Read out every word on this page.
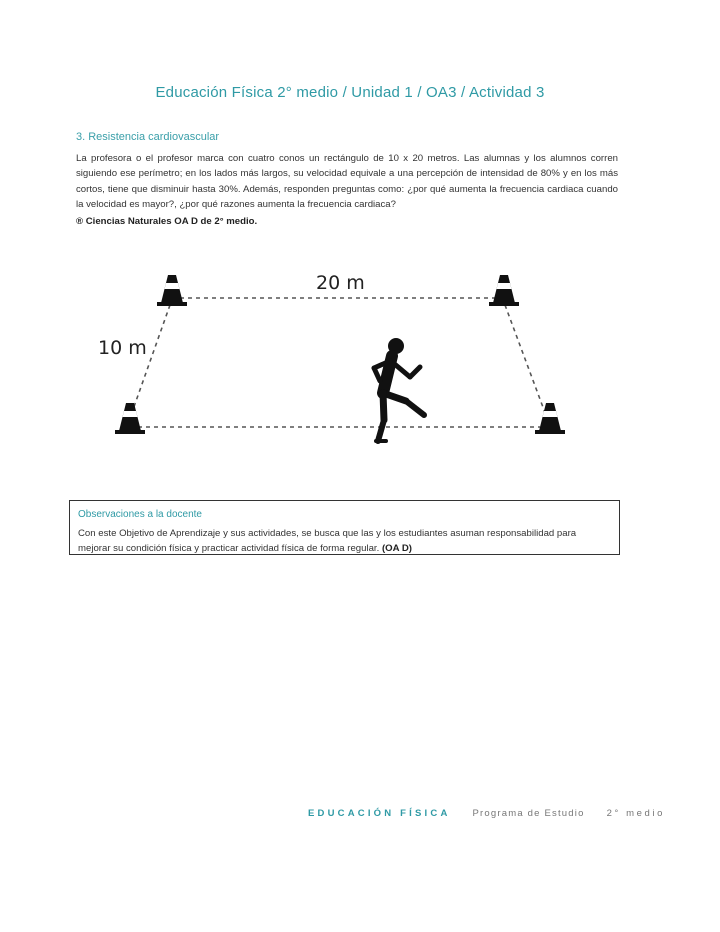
Educación Física 2° medio / Unidad 1 / OA3 / Actividad 3
3. Resistencia cardiovascular
La profesora o el profesor marca con cuatro conos un rectángulo de 10 x 20 metros. Las alumnas y los alumnos corren siguiendo ese perímetro; en los lados más largos, su velocidad equivale a una percepción de intensidad de 80% y en los más cortos, tiene que disminuir hasta 30%. Además, responden preguntas como: ¿por qué aumenta la frecuencia cardiaca cuando la velocidad es mayor?, ¿por qué razones aumenta la frecuencia cardiaca?
® Ciencias Naturales OA D de 2° medio.
20 m
10 m
Observaciones a la docente
Con este Objetivo de Aprendizaje y sus actividades, se busca que las y los estudiantes asuman responsabilidad para mejorar su condición física y practicar actividad física de forma regular. (OA D)
EDUCACIÓN FÍSICA Programa de Estudio 2° medio
